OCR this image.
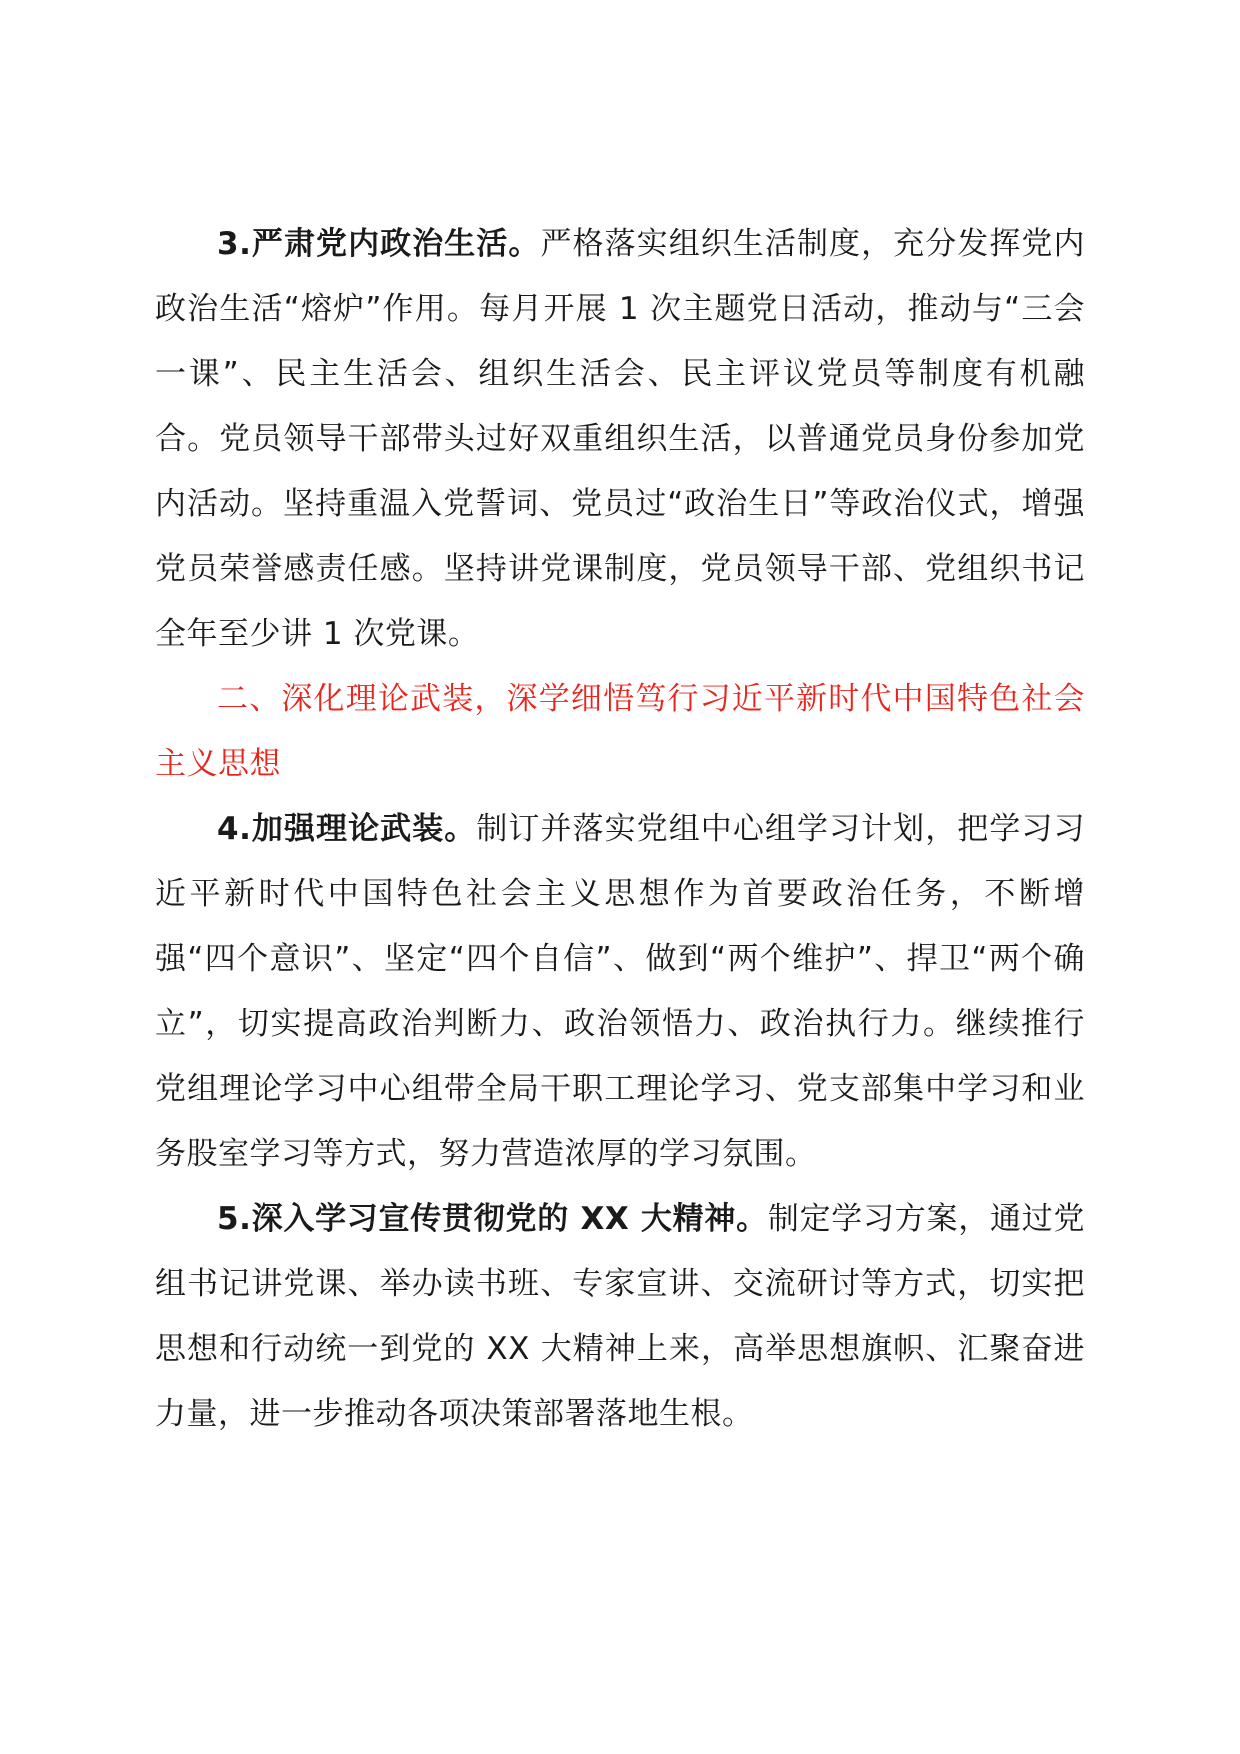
3.严肃党内政治生活。严格落实组织生活制度，充分发挥党内政治生活“熔炉”作用。每月开展 1 次主题党日活动，推动与“三会一课”、民主生活会、组织生活会、民主评议党员等制度有机融合。党员领导干部带头过好双重组织生活，以普通党员身份参加党内活动。坚持重温入党誓词、党员过“政治生日”等政治仪式，增强党员荣誉感责任感。坚持讲党课制度，党员领导干部、党组织书记全年至少讲 1 次党课。

二、深化理论武装，深学细悟笃行习近平新时代中国特色社会主义思想

4.加强理论武装。制订并落实党组中心组学习计划，把学习习近平新时代中国特色社会主义思想作为首要政治任务，不断增强“四个意识”、坚定“四个自信”、做到“两个维护”、捍卫“两个确立”，切实提高政治判断力、政治领悟力、政治执行力。继续推行党组理论学习中心组带全局干职工理论学习、党支部集中学习和业务股室学习等方式，努力营造浓厚的学习氛围。

5.深入学习宣传贯彻党的 XX 大精神。制定学习方案，通过党组书记讲党课、举办读书班、专家宣讲、交流研讨等方式，切实把思想和行动统一到党的 XX 大精神上来，高举思想旗帜、汇聚奋进力量，进一步推动各项决策部署落地生根。
